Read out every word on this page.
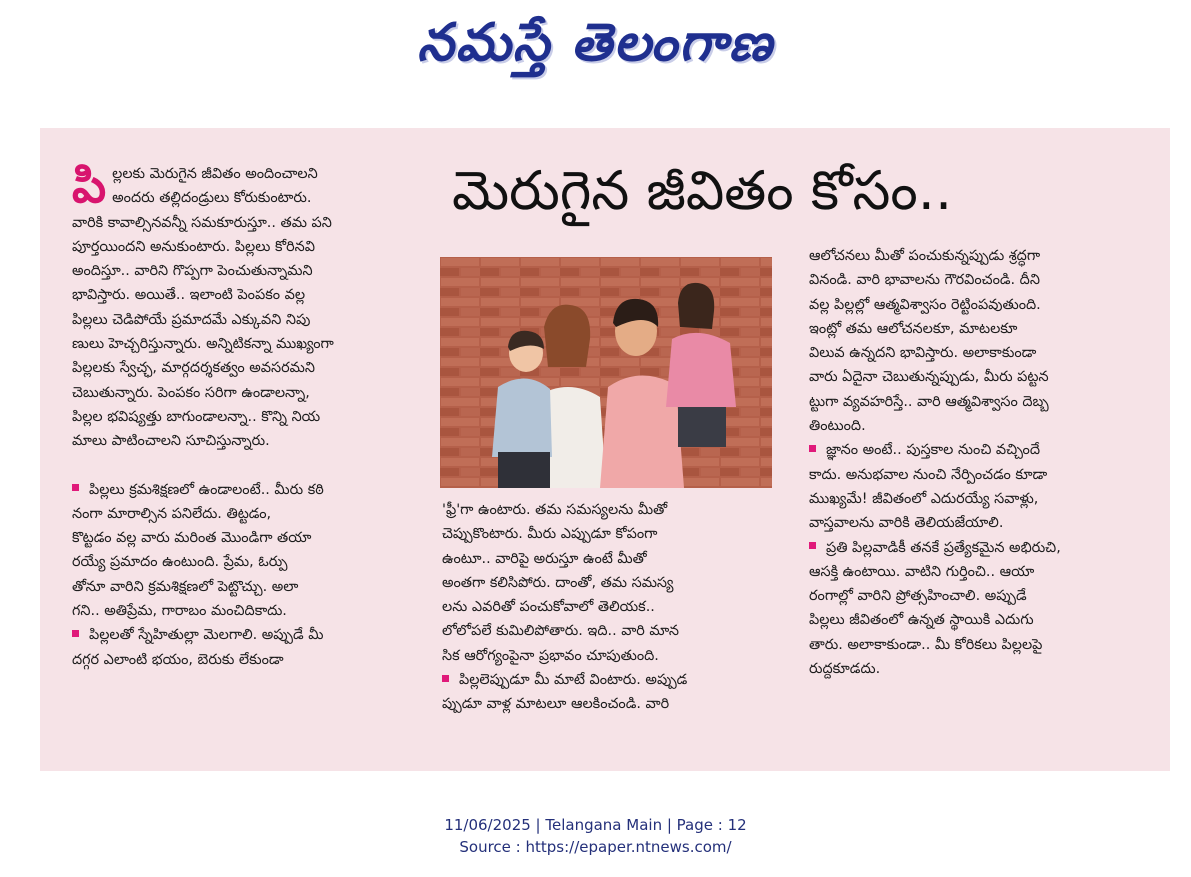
నమస్తే తెలంగాణ
మెరుగైన జీవితం కోసం..
పి ల్లలకు మెరుగైన జీవితం అందించాలని

అందరు తల్లిదండ్రులు కోరుకుంటారు.

వారికి కావాల్సినవన్నీ సమకూరుస్తూ.. తమ పని

పూర్తయిందని అనుకుంటారు. పిల్లలు కోరినవి

అందిస్తూ.. వారిని గొప్పగా పెంచుతున్నామని

భావిస్తారు. అయితే.. ఇలాంటి పెంపకం వల్ల

పిల్లలు చెడిపోయే ప్రమాదమే ఎక్కువని నిపు

ణులు హెచ్చరిస్తున్నారు. అన్నిటికన్నా ముఖ్యంగా

పిల్లలకు స్వేచ్ఛ, మార్గదర్శకత్వం అవసరమని

చెబుతున్నారు. పెంపకం సరిగా ఉండాలన్నా,

పిల్లల భవిష్యత్తు బాగుండాలన్నా.. కొన్ని నియ

మాలు పాటించాలని సూచిస్తున్నారు.

పిల్లలు క్రమశిక్షణలో ఉండాలంటే.. మీరు కఠి

నంగా మారాల్సిన పనిలేదు. తిట్టడం,

కొట్టడం వల్ల వారు మరింత మొండిగా తయా

రయ్యే ప్రమాదం ఉంటుంది. ప్రేమ, ఓర్పు

తోనూ వారిని క్రమశిక్షణలో పెట్టొచ్చు. అలా

గని.. అతిప్రేమ, గారాబం మంచిదికాదు.

పిల్లలతో స్నేహితుల్లా మెలగాలి. అప్పుడే మీ

దగ్గర ఎలాంటి భయం, బెరుకు లేకుండా

'ఫ్రీ'గా ఉంటారు. తమ సమస్యలను మీతో

చెప్పుకొంటారు. మీరు ఎప్పుడూ కోపంగా

ఉంటూ.. వారిపై అరుస్తూ ఉంటే మీతో

అంతగా కలిసిపోరు. దాంతో, తమ సమస్య

లను ఎవరితో పంచుకోవాలో తెలియక..

లోలోపలే కుమిలిపోతారు. ఇది.. వారి మాన

సిక ఆరోగ్యంపైనా ప్రభావం చూపుతుంది.

పిల్లలెప్పుడూ మీ మాటే వింటారు. అప్పుడ

ప్పుడూ వాళ్ల మాటలూ ఆలకించండి. వారి

ఆలోచనలు మీతో పంచుకున్నప్పుడు శ్రద్ధగా

వినండి. వారి భావాలను గౌరవించండి. దీని

వల్ల పిల్లల్లో ఆత్మవిశ్వాసం రెట్టింపవుతుంది.

ఇంట్లో తమ ఆలోచనలకూ, మాటలకూ

విలువ ఉన్నదని భావిస్తారు. అలాకాకుండా

వారు ఏదైనా చెబుతున్నప్పుడు, మీరు పట్టన

ట్టుగా వ్యవహరిస్తే.. వారి ఆత్మవిశ్వాసం దెబ్బ

తింటుంది.

జ్ఞానం అంటే.. పుస్తకాల నుంచి వచ్చిందే

కాదు. అనుభవాల నుంచి నేర్పించడం కూడా

ముఖ్యమే! జీవితంలో ఎదురయ్యే సవాళ్లు,

వాస్తవాలను వారికి తెలియజేయాలి.

ప్రతి పిల్లవాడికీ తనకే ప్రత్యేకమైన అభిరుచి,

ఆసక్తి ఉంటాయి. వాటిని గుర్తించి.. ఆయా

రంగాల్లో వారిని ప్రోత్సహించాలి. అప్పుడే

పిల్లలు జీవితంలో ఉన్నత స్థాయికి ఎదుగు

తారు. అలాకాకుండా.. మీ కోరికలు పిల్లలపై

రుద్దకూడదు.

11/06/2025 | Telangana Main | Page : 12
Source : https://epaper.ntnews.com/
